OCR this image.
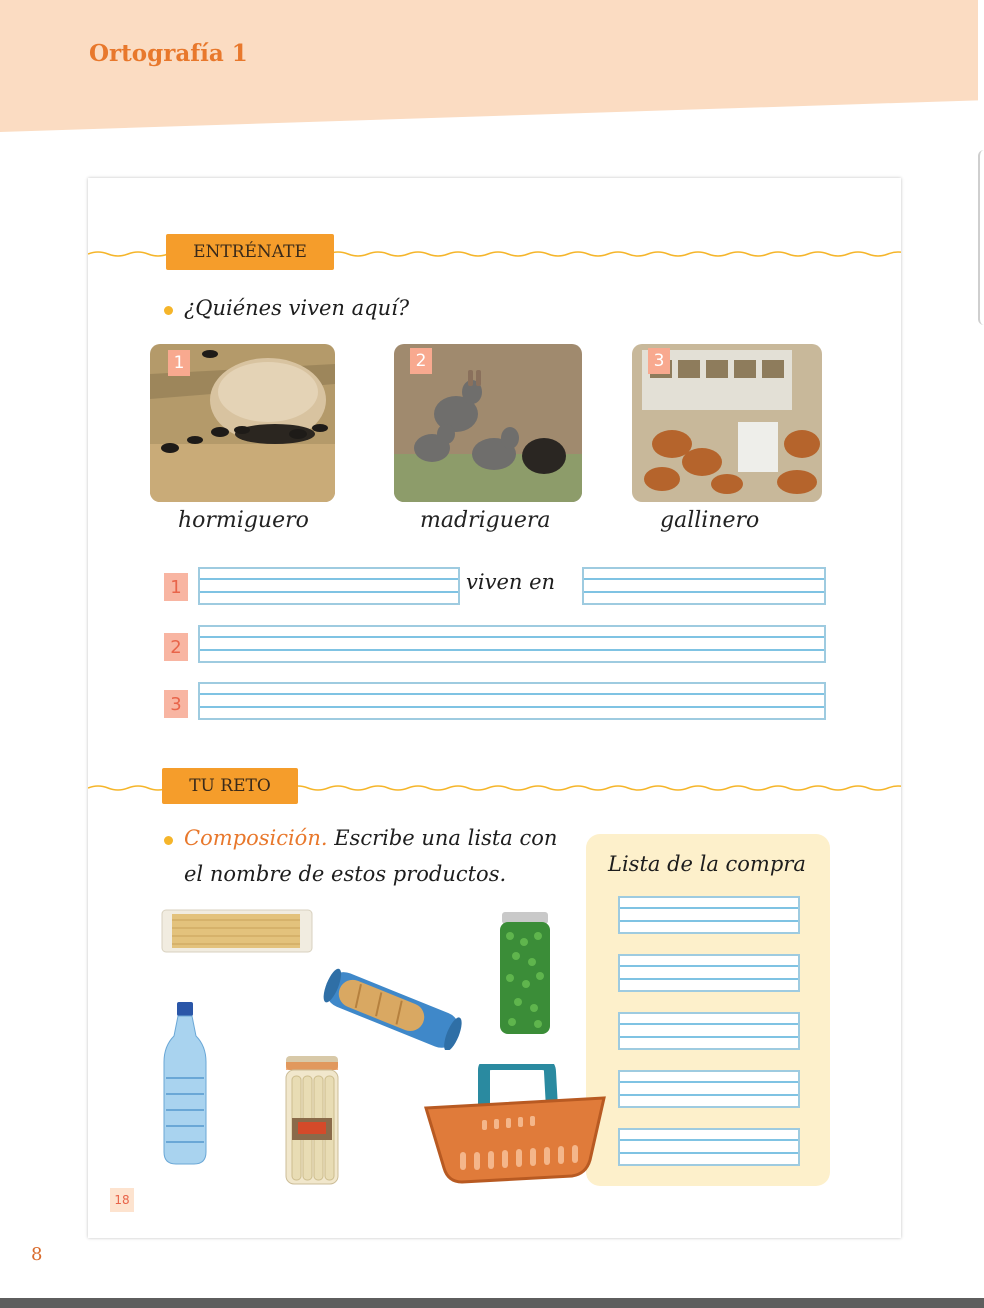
Ortografía 1
ENTRÉNATE
¿Quiénes viven aquí?
1	2	3
hormiguero	madriguera	gallinero
1	viven en
2
3
TU RETO
Composición. Escribe una lista con
el nombre de estos productos.	Lista de la compra
18
8
